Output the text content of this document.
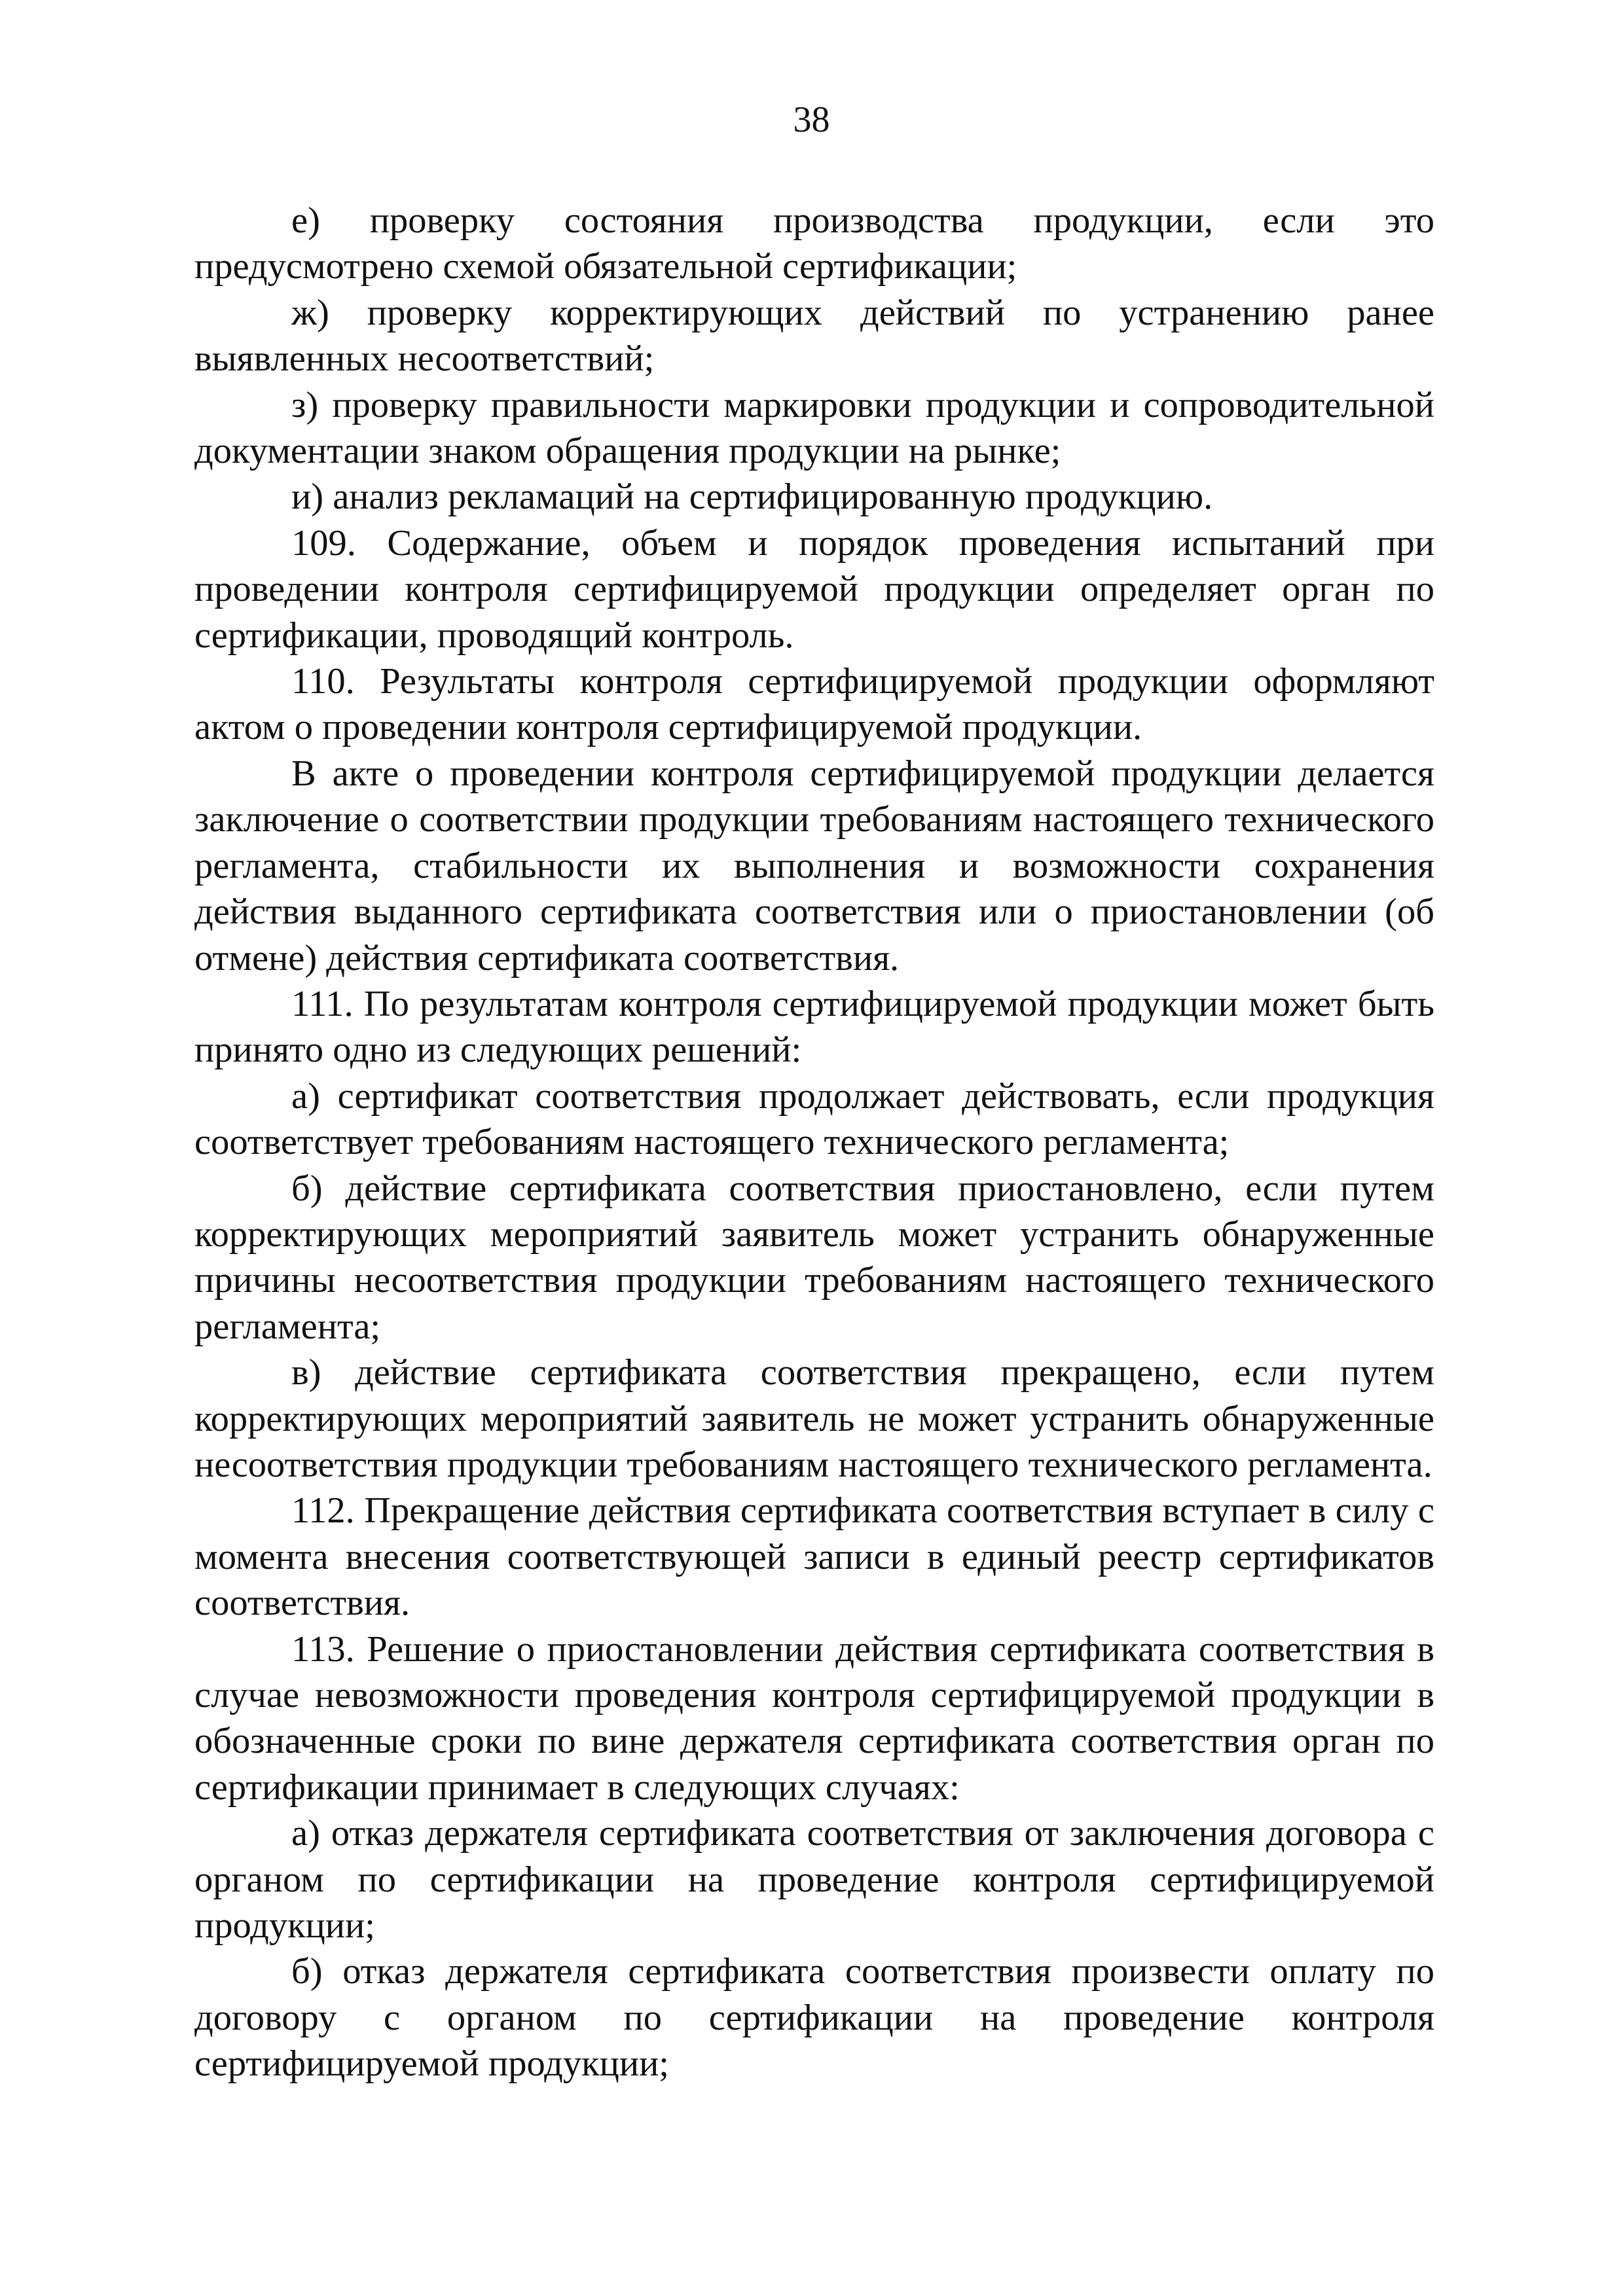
38

е) проверку состояния производства продукции, если это предусмотрено схемой обязательной сертификации;

ж) проверку корректирующих действий по устранению ранее выявленных несоответствий;

з) проверку правильности маркировки продукции и сопроводительной документации знаком обращения продукции на рынке;

и) анализ рекламаций на сертифицированную продукцию.

109. Содержание, объем и порядок проведения испытаний при проведении контроля сертифицируемой продукции определяет орган по сертификации, проводящий контроль.

110. Результаты контроля сертифицируемой продукции оформляют актом о проведении контроля сертифицируемой продукции.

В акте о проведении контроля сертифицируемой продукции делается заключение о соответствии продукции требованиям настоящего технического регламента, стабильности их выполнения и возможности сохранения действия выданного сертификата соответствия или о приостановлении (об отмене) действия сертификата соответствия.

111. По результатам контроля сертифицируемой продукции может быть принято одно из следующих решений:

а) сертификат соответствия продолжает действовать, если продукция соответствует требованиям настоящего технического регламента;

б) действие сертификата соответствия приостановлено, если путем корректирующих мероприятий заявитель может устранить обнаруженные причины несоответствия продукции требованиям настоящего технического регламента;

в) действие сертификата соответствия прекращено, если путем корректирующих мероприятий заявитель не может устранить обнаруженные несоответствия продукции требованиям настоящего технического регламента.

112. Прекращение действия сертификата соответствия вступает в силу с момента внесения соответствующей записи в единый реестр сертификатов соответствия.

113. Решение о приостановлении действия сертификата соответствия в случае невозможности проведения контроля сертифицируемой продукции в обозначенные сроки по вине держателя сертификата соответствия орган по сертификации принимает в следующих случаях:

а) отказ держателя сертификата соответствия от заключения договора с органом по сертификации на проведение контроля сертифицируемой продукции;

б) отказ держателя сертификата соответствия произвести оплату по договору с органом по сертификации на проведение контроля сертифицируемой продукции;
